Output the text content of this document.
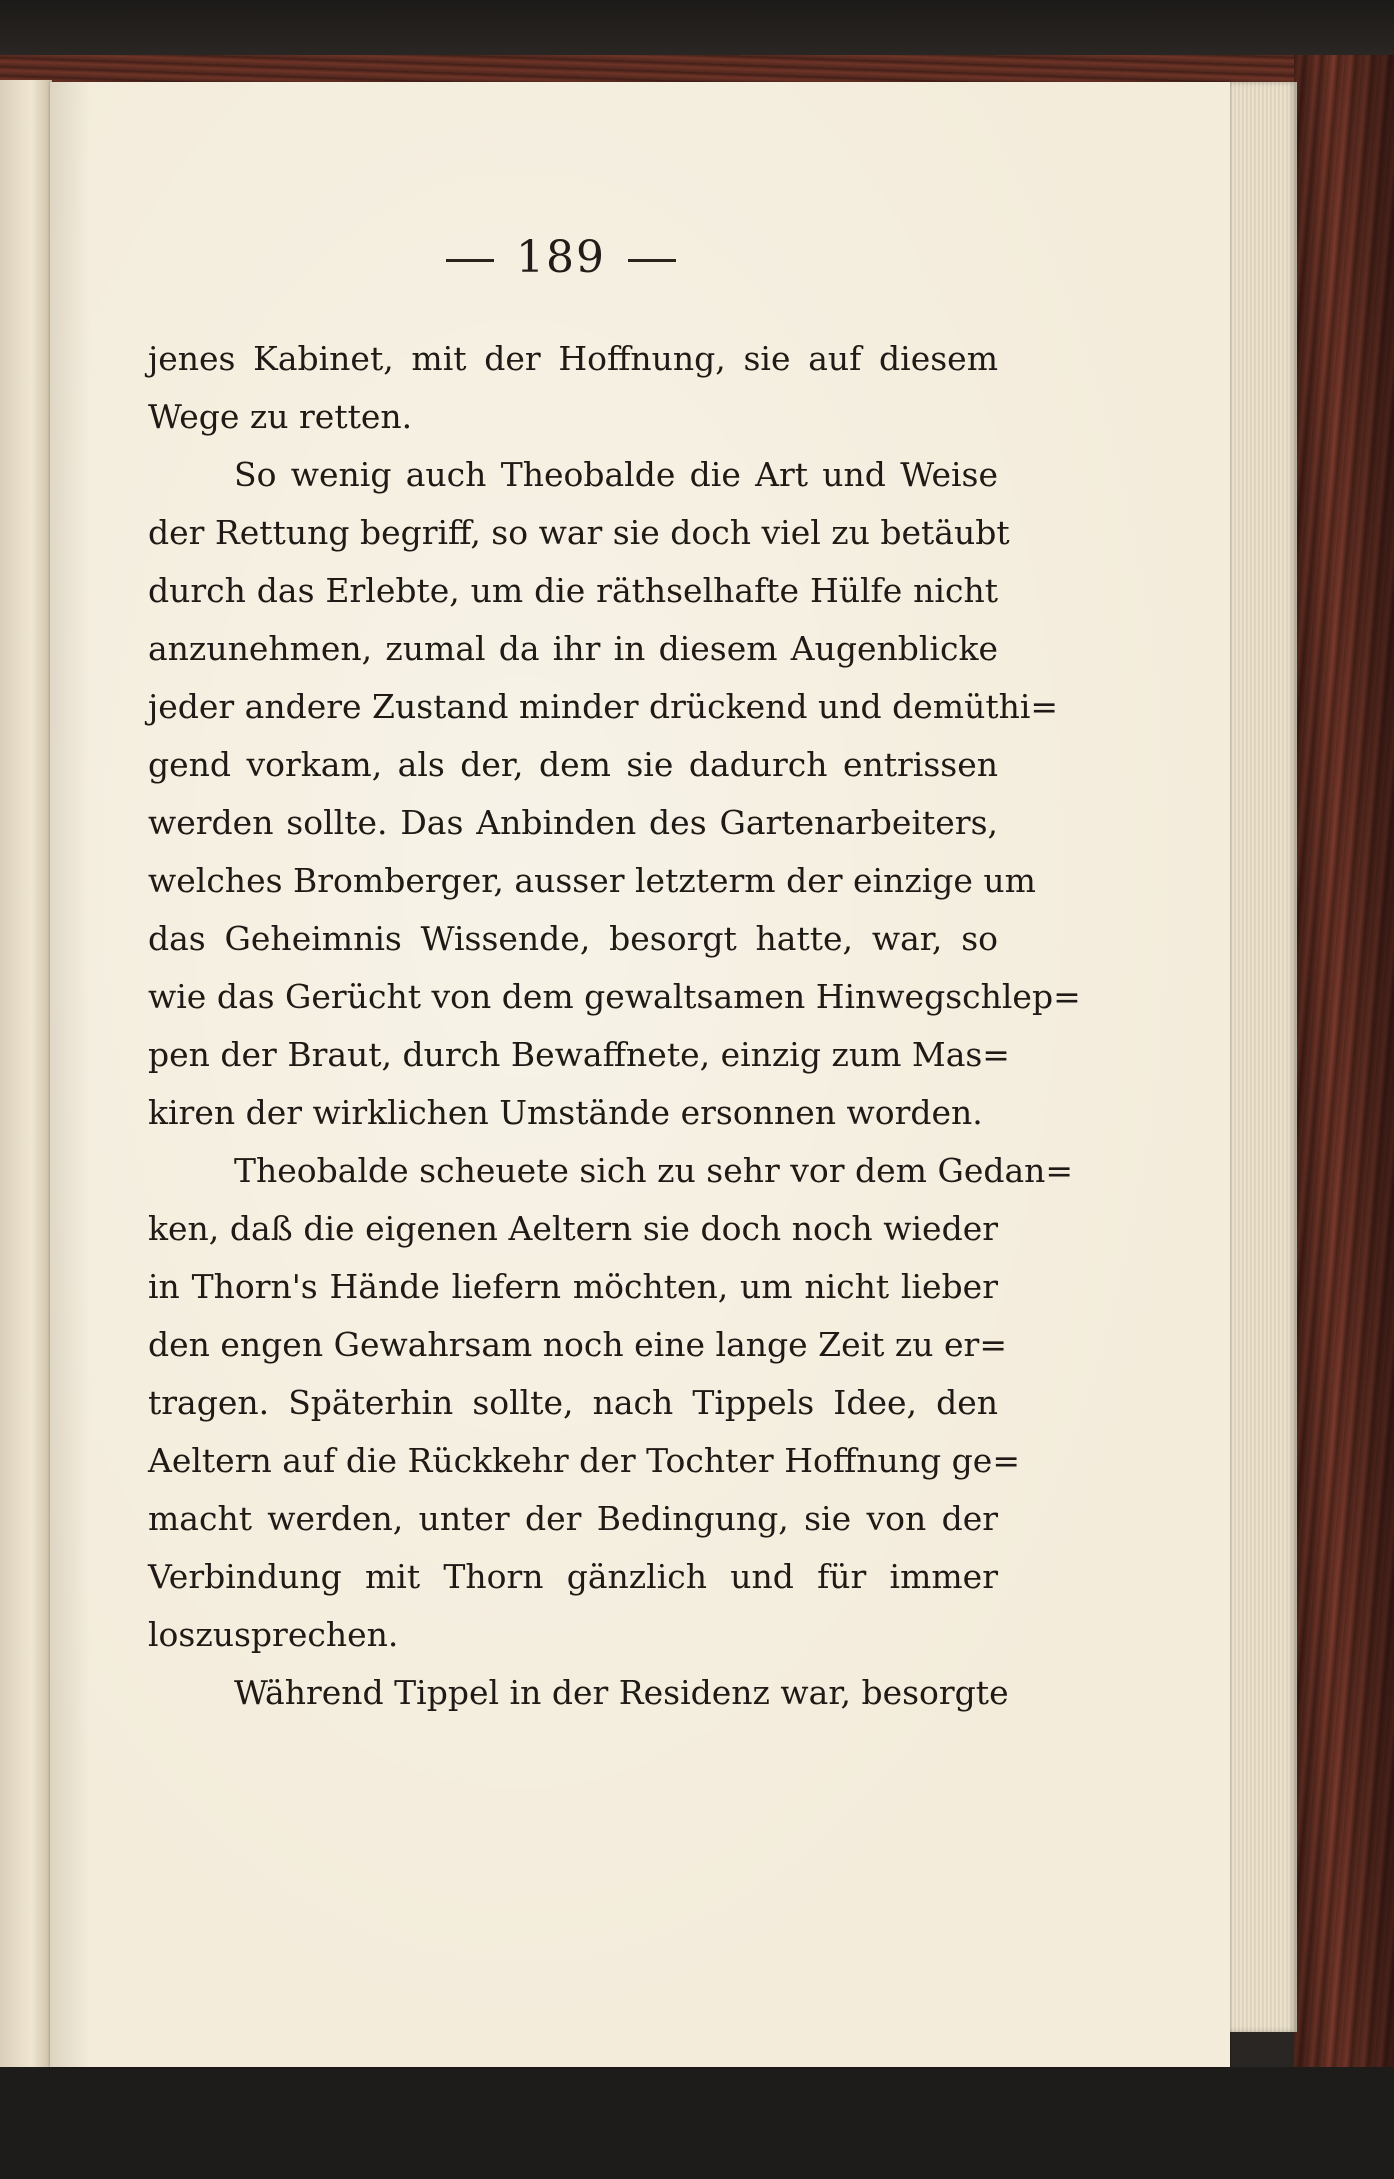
189
jenes Kabinet, mit der Hoffnung, sie auf diesem
Wege zu retten.
So wenig auch Theobalde die Art und Weise
der Rettung begriff, so war sie doch viel zu betäubt
durch das Erlebte, um die räthselhafte Hülfe nicht
anzunehmen, zumal da ihr in diesem Augenblicke
jeder andere Zustand minder drückend und demüthi=
gend vorkam, als der, dem sie dadurch entrissen
werden sollte. Das Anbinden des Gartenarbeiters,
welches Bromberger, ausser letzterm der einzige um
das Geheimnis Wissende, besorgt hatte, war, so
wie das Gerücht von dem gewaltsamen Hinwegschlep=
pen der Braut, durch Bewaffnete, einzig zum Mas=
kiren der wirklichen Umstände ersonnen worden.
Theobalde scheuete sich zu sehr vor dem Gedan=
ken, daß die eigenen Aeltern sie doch noch wieder
in Thorn's Hände liefern möchten, um nicht lieber
den engen Gewahrsam noch eine lange Zeit zu er=
tragen. Späterhin sollte, nach Tippels Idee, den
Aeltern auf die Rückkehr der Tochter Hoffnung ge=
macht werden, unter der Bedingung, sie von der
Verbindung mit Thorn gänzlich und für immer
loszusprechen.
Während Tippel in der Residenz war, besorgte
